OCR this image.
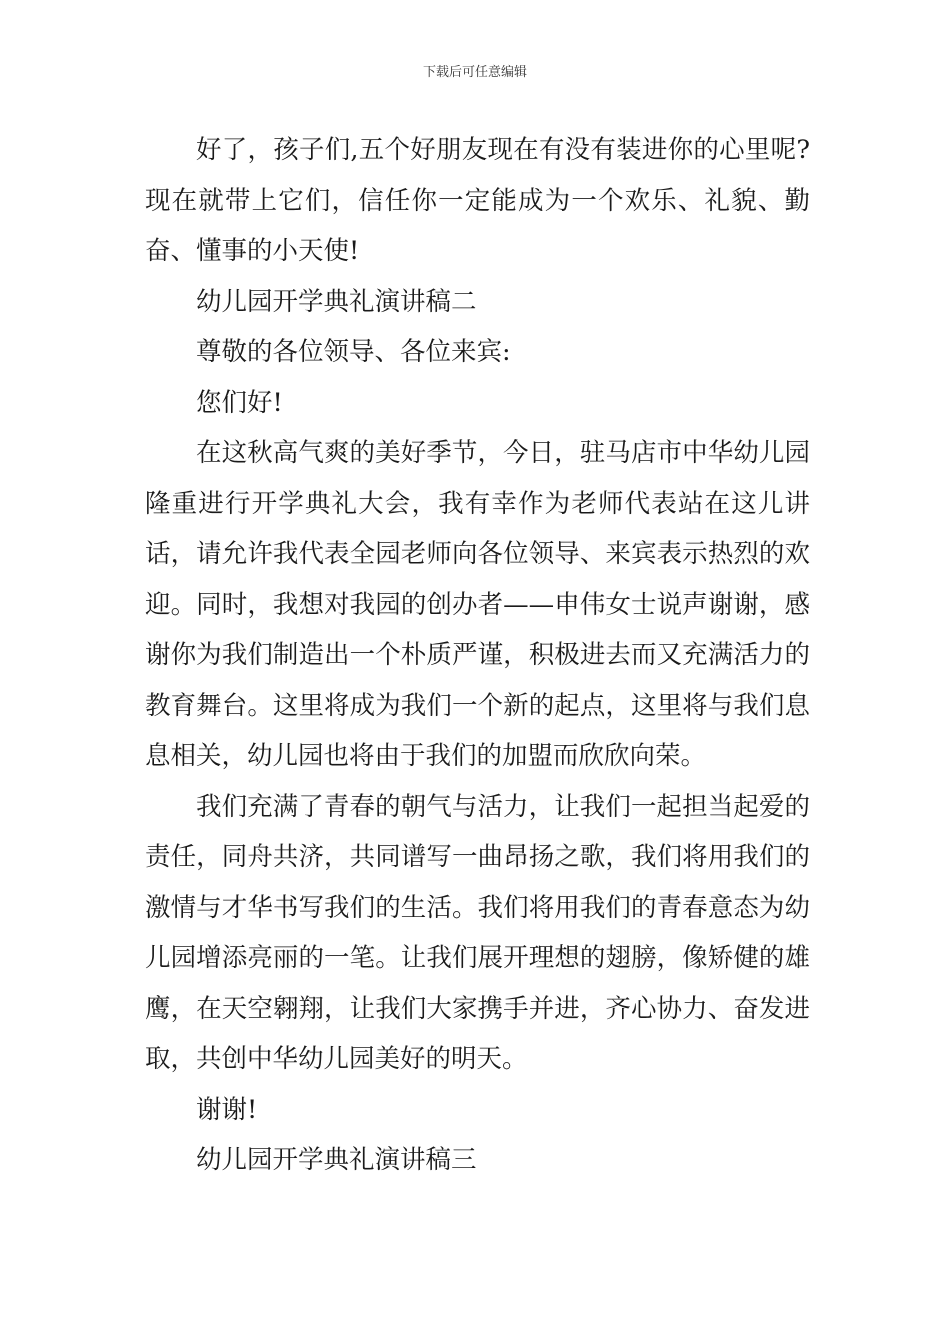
下载后可任意编辑

好了，孩子们,五个好朋友现在有没有装进你的心里呢?现在就带上它们，信任你一定能成为一个欢乐、礼貌、勤奋、懂事的小天使!

幼儿园开学典礼演讲稿二

尊敬的各位领导、各位来宾:

您们好!

在这秋高气爽的美好季节，今日，驻马店市中华幼儿园隆重进行开学典礼大会，我有幸作为老师代表站在这儿讲话，请允许我代表全园老师向各位领导、来宾表示热烈的欢迎。同时，我想对我园的创办者——申伟女士说声谢谢，感谢你为我们制造出一个朴质严谨，积极进去而又充满活力的教育舞台。这里将成为我们一个新的起点，这里将与我们息息相关，幼儿园也将由于我们的加盟而欣欣向荣。

我们充满了青春的朝气与活力，让我们一起担当起爱的责任，同舟共济，共同谱写一曲昂扬之歌，我们将用我们的激情与才华书写我们的生活。我们将用我们的青春意态为幼儿园增添亮丽的一笔。让我们展开理想的翅膀，像矫健的雄鹰，在天空翱翔，让我们大家携手并进，齐心协力、奋发进取，共创中华幼儿园美好的明天。

谢谢!

幼儿园开学典礼演讲稿三
